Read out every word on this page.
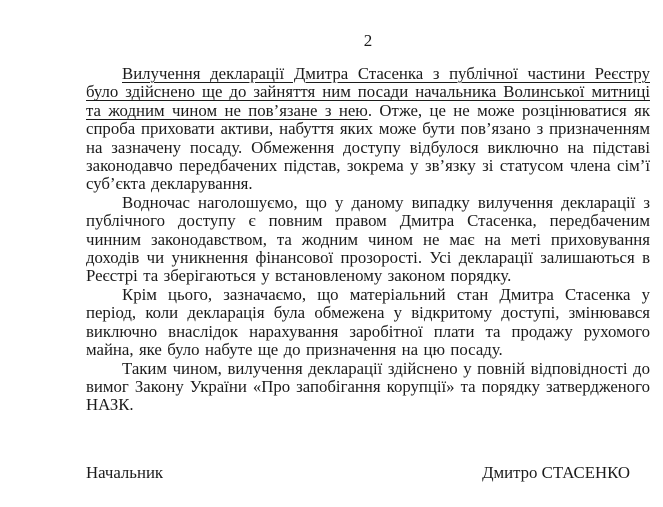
2

Вилучення декларації Дмитра Стасенка з публічної частини Реєстру було здійснено ще до зайняття ним посади начальника Волинської митниці та жодним чином не пов’язане з нею. Отже, це не може розцінюватися як спроба приховати активи, набуття яких може бути пов’язано з призначенням на зазначену посаду. Обмеження доступу відбулося виключно на підставі законодавчо передбачених підстав, зокрема у зв’язку зі статусом члена сім’ї суб’єкта декларування.

Водночас наголошуємо, що у даному випадку вилучення декларації з публічного доступу є повним правом Дмитра Стасенка, передбаченим чинним законодавством, та жодним чином не має на меті приховування доходів чи уникнення фінансової прозорості. Усі декларації залишаються в Реєстрі та зберігаються у встановленому законом порядку.

Крім цього, зазначаємо, що матеріальний стан Дмитра Стасенка у період, коли декларація була обмежена у відкритому доступі, змінювався виключно внаслідок нарахування заробітної плати та продажу рухомого майна, яке було набуте ще до призначення на цю посаду.

Таким чином, вилучення декларації здійснено у повній відповідності до вимог Закону України «Про запобігання корупції» та порядку затвердженого НАЗК.

Начальник	Дмитро СТАСЕНКО
